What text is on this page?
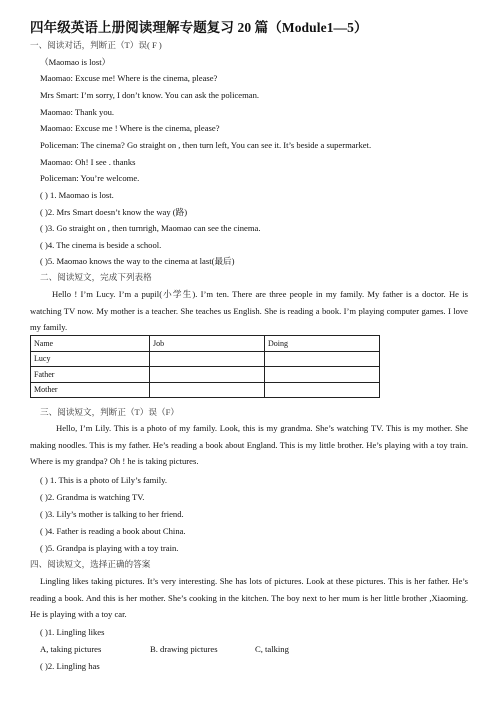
四年级英语上册阅读理解专题复习 20 篇（Module1—5）
一、阅读对话，判断正（T）误( F )
（Maomao is lost）
Maomao: Excuse me! Where is the cinema, please?
Mrs Smart: I’m sorry, I don’t know. You can ask the policeman.
Maomao: Thank you.
Maomao: Excuse me ! Where is the cinema, please?
Policeman: The cinema? Go straight on , then turn left, You can see it. It’s beside a supermarket.
Maomao: Oh! I see . thanks
Policeman: You’re welcome.
( ) 1. Maomao is lost.
( )2. Mrs Smart doesn’t know the way (路)
( )3. Go straight on , then turnrigh, Maomao can see the cinema.
( )4. The cinema is beside a school.
( )5. Maomao knows the way to the cinema at last(最后)
二、阅读短文，完成下列表格
Hello ! I’m Lucy. I’m a pupil(小学生). I’m ten. There are three people in my family. My father is a doctor. He is watching TV now. My mother is a teacher. She teaches us English. She is reading a book. I’m playing computer games. I love my family.
Name	Job	Doing
Lucy		
Father		
Mother		
三、阅读短文，判断正（T）误（F）
Hello, I’m Lily. This is a photo of my family. Look, this is my grandma. She’s watching TV. This is my mother. She making noodles. This is my father. He’s reading a book about England. This is my little brother. He’s playing with a toy train. Where is my grandpa? Oh ! he is taking pictures.
( ) 1. This is a photo of Lily’s family.
( )2. Grandma is watching TV.
( )3. Lily’s mother is talking to her friend.
( )4. Father is reading a book about China.
( )5. Grandpa is playing with a toy train.
四、阅读短文，选择正确的答案
Lingling likes taking pictures. It’s very interesting. She has lots of pictures. Look at these pictures. This is her father. He’s reading a book. And this is her mother. She’s cooking in the kitchen. The boy next to her mum is her little brother ,Xiaoming. He is playing with a toy car.
( )1. Lingling likes
A, taking pictures	B. drawing pictures	C, talking
( )2. Lingling has
